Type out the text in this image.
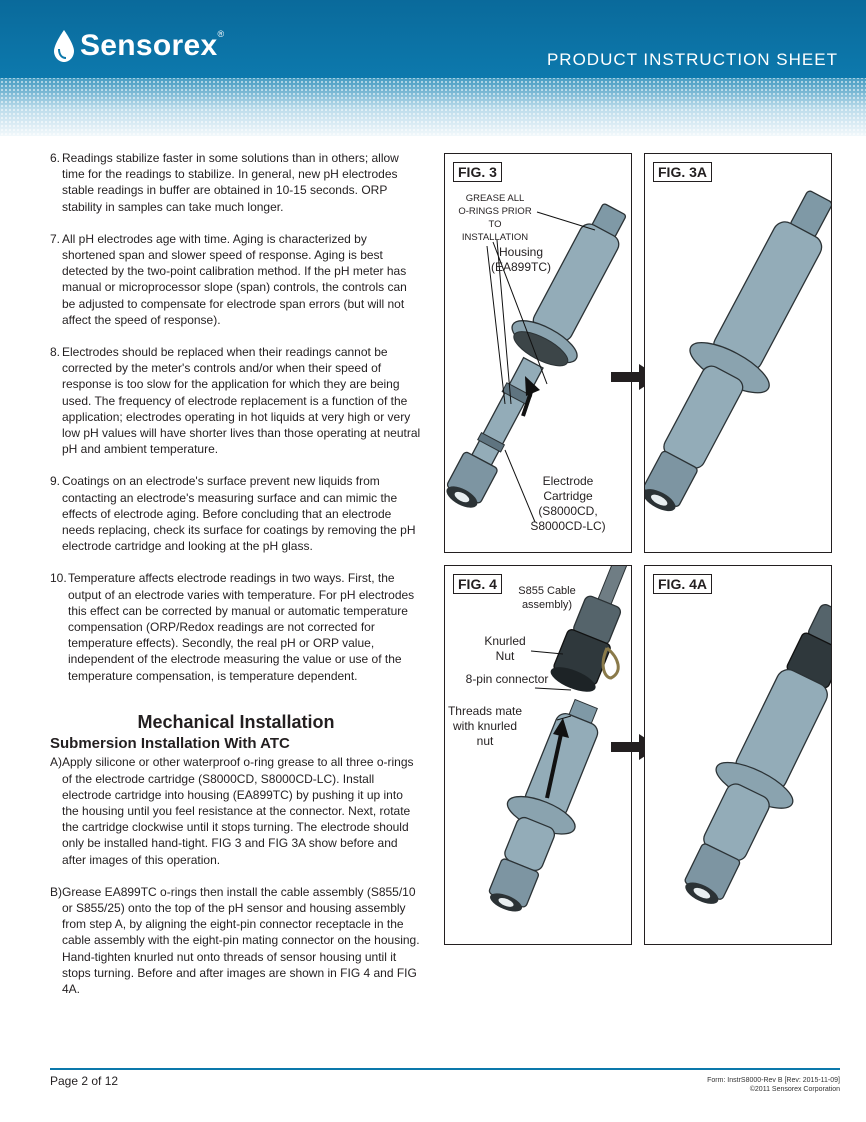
Sensorex ®
PRODUCT INSTRUCTION SHEET
6. Readings stabilize faster in some solutions than in others; allow time for the readings to stabilize. In general, new pH electrodes stable readings in buffer are obtained in 10-15 seconds. ORP stability in samples can take much longer.
7. All pH electrodes age with time. Aging is characterized by shortened span and slower speed of response. Aging is best detected by the two-point calibration method. If the pH meter has manual or microprocessor slope (span) controls, the controls can be adjusted to compensate for electrode span errors (but will not affect the speed of response).
8. Electrodes should be replaced when their readings cannot be corrected by the meter's controls and/or when their speed of response is too slow for the application for which they are being used. The frequency of electrode replacement is a function of the application; electrodes operating in hot liquids at very high or very low pH values will have shorter lives than those operating at neutral pH and ambient temperature.
9. Coatings on an electrode's surface prevent new liquids from contacting an electrode's measuring surface and can mimic the effects of electrode aging. Before concluding that an electrode needs replacing, check its surface for coatings by removing the pH electrode cartridge and looking at the pH glass.
10. Temperature affects electrode readings in two ways. First, the output of an electrode varies with temperature. For pH electrodes this effect can be corrected by manual or automatic temperature compensation (ORP/Redox readings are not corrected for temperature effects). Secondly, the real pH or ORP value, independent of the electrode measuring the value or use of the temperature compensation, is temperature dependent.
Mechanical Installation
Submersion Installation With ATC
A) Apply silicone or other waterproof o-ring grease to all three o-rings of the electrode cartridge (S8000CD, S8000CD-LC). Install electrode cartridge into housing (EA899TC) by pushing it up into the housing until you feel resistance at the connector. Next, rotate the cartridge clockwise until it stops turning. The electrode should only be installed hand-tight. FIG 3 and FIG 3A show before and after images of this operation.
B) Grease EA899TC o-rings then install the cable assembly (S855/10 or S855/25) onto the top of the pH sensor and housing assembly from step A, by aligning the eight-pin connector receptacle in the cable assembly with the eight-pin mating connector on the housing. Hand-tighten knurled nut onto threads of sensor housing until it stops turning. Before and after images are shown in FIG 4 and FIG 4A.
FIG. 3
GREASE ALL
O-RINGS PRIOR
TO INSTALLATION
Housing
(EA899TC)
Electrode
Cartridge
(S8000CD,
S8000CD-LC)
FIG. 3A
FIG. 4	S855 Cable
assembly)
Knurled
Nut
8-pin connector
Threads mate
with knurled
nut
FIG. 4A
Page 2 of 12	Form: InstrS8000-Rev B [Rev: 2015-11-09]
©2011 Sensorex Corporation
